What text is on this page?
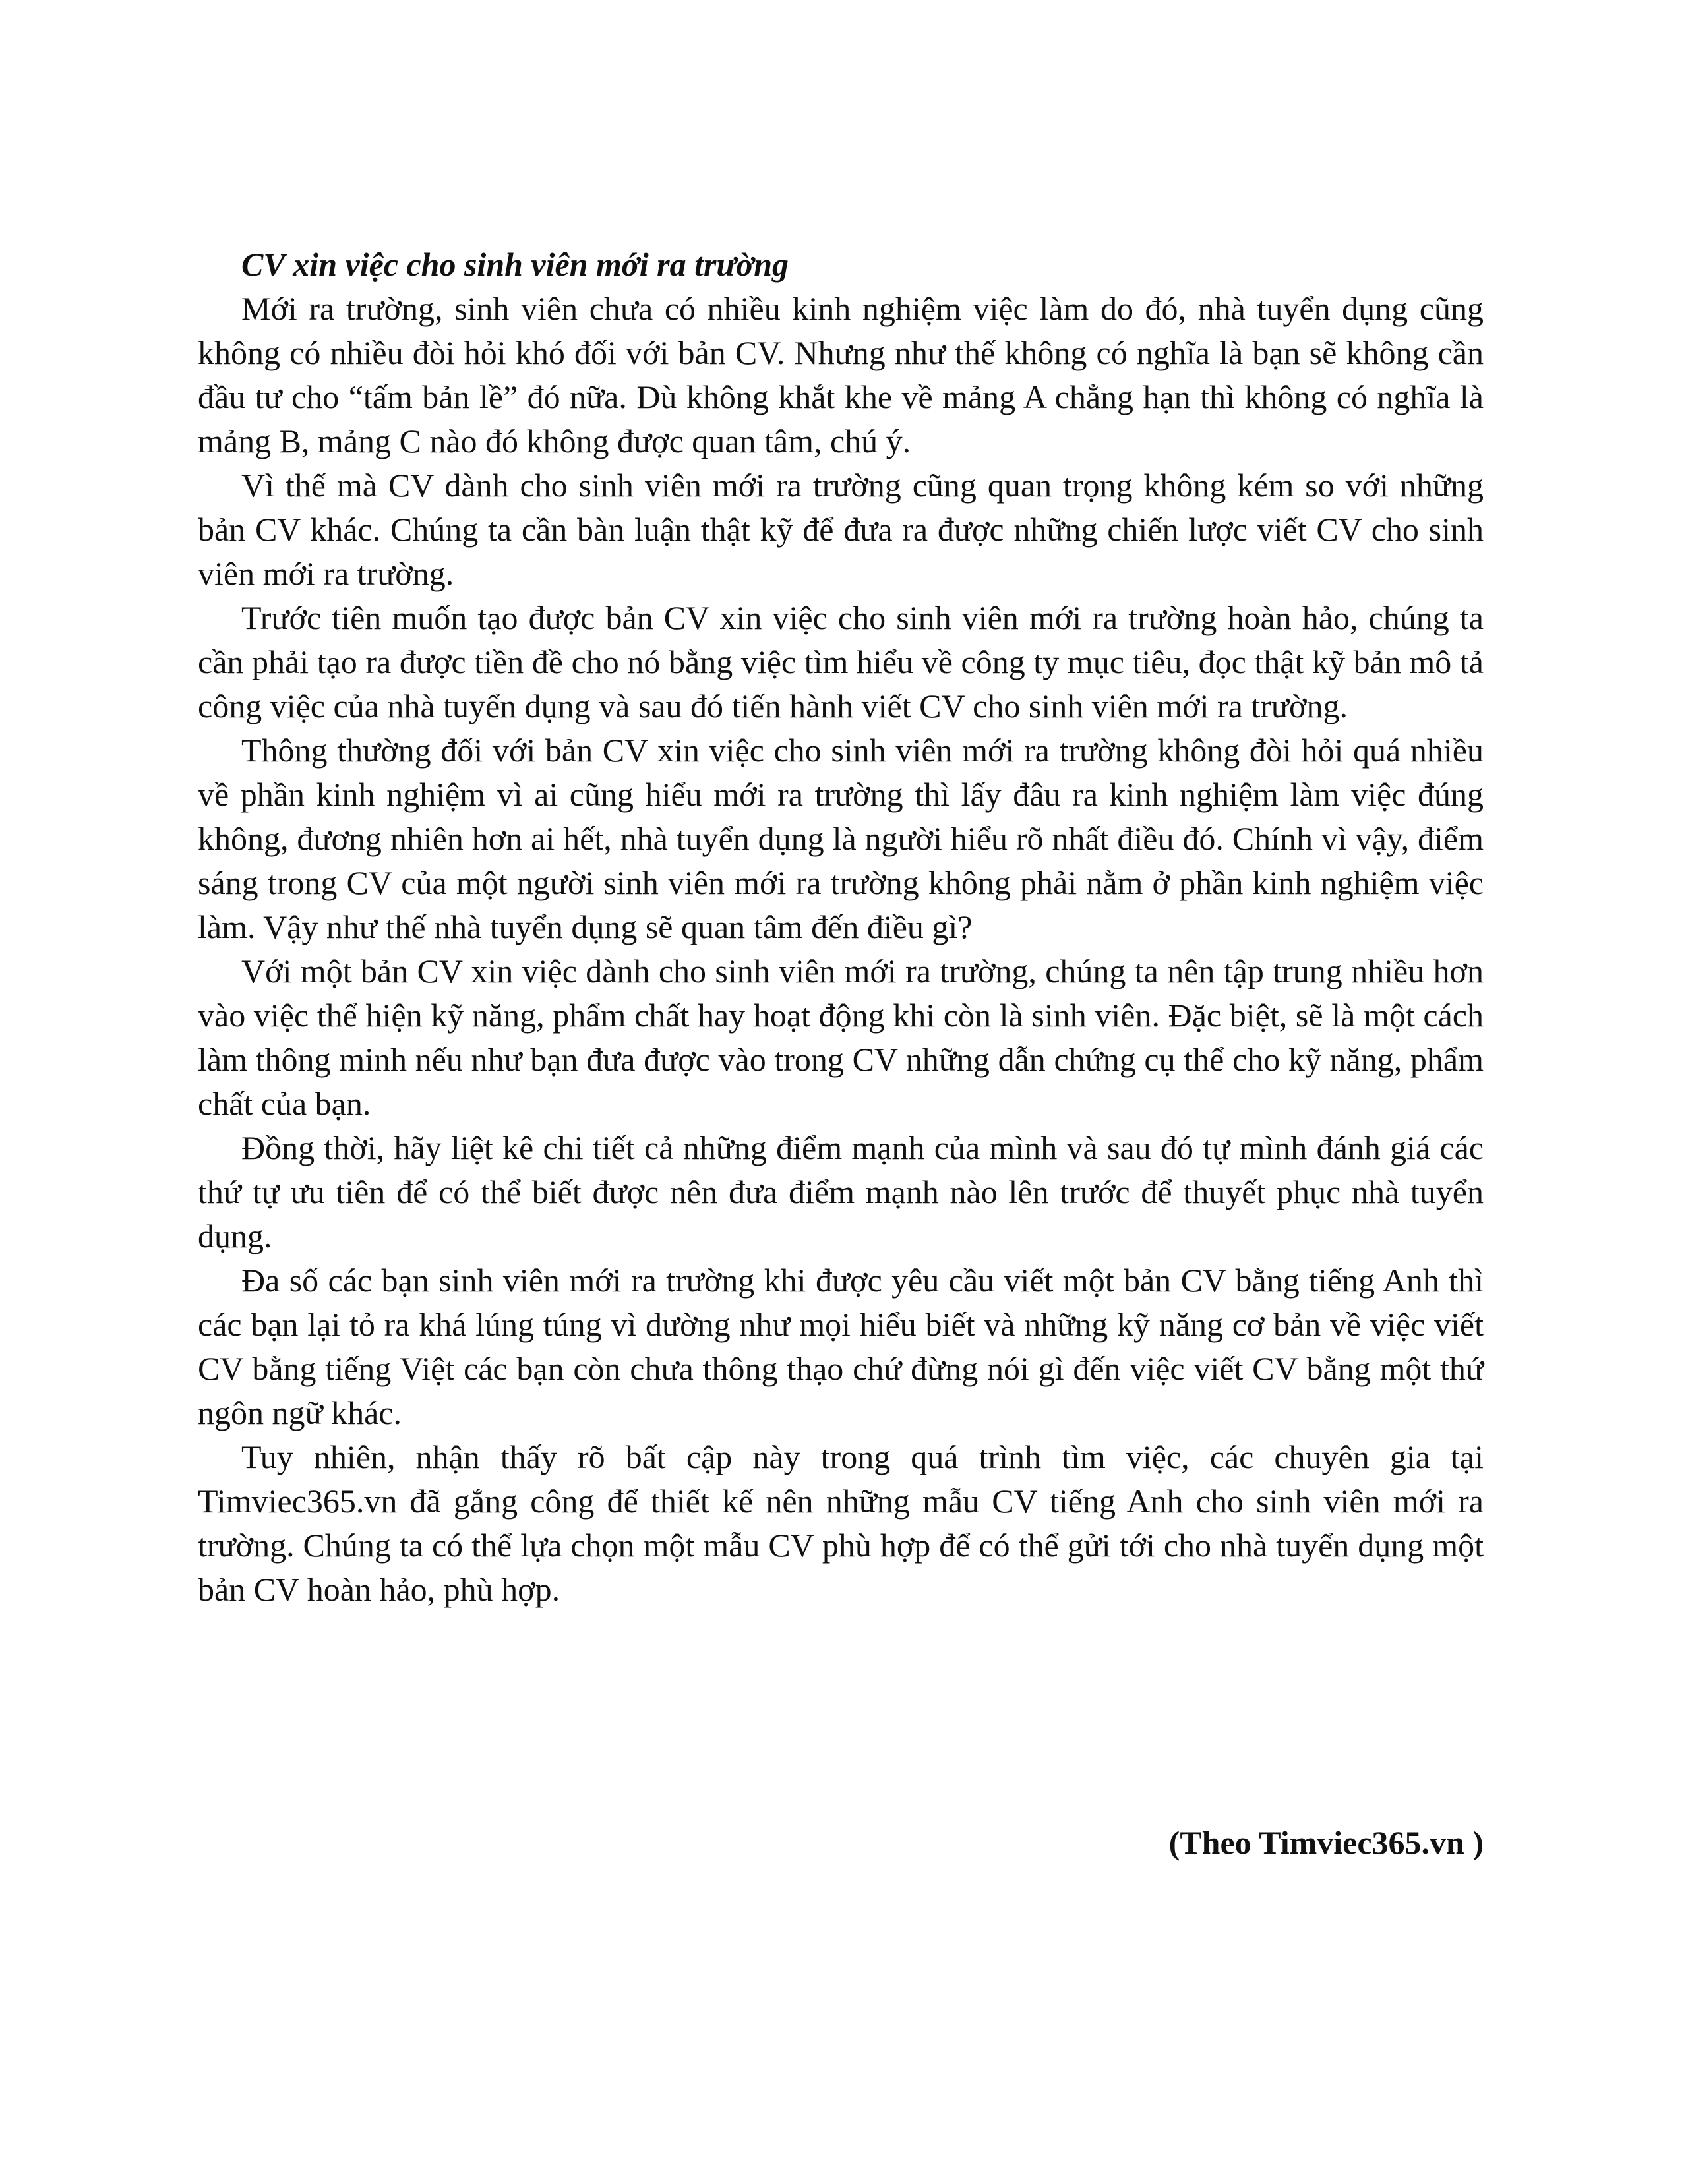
CV xin việc cho sinh viên mới ra trường

Mới ra trường, sinh viên chưa có nhiều kinh nghiệm việc làm do đó, nhà tuyển dụng cũng không có nhiều đòi hỏi khó đối với bản CV. Nhưng như thế không có nghĩa là bạn sẽ không cần đầu tư cho “tấm bản lề” đó nữa. Dù không khắt khe về mảng A chẳng hạn thì không có nghĩa là mảng B, mảng C nào đó không được quan tâm, chú ý.

Vì thế mà CV dành cho sinh viên mới ra trường cũng quan trọng không kém so với những bản CV khác. Chúng ta cần bàn luận thật kỹ để đưa ra được những chiến lược viết CV cho sinh viên mới ra trường.

Trước tiên muốn tạo được bản CV xin việc cho sinh viên mới ra trường hoàn hảo, chúng ta cần phải tạo ra được tiền đề cho nó bằng việc tìm hiểu về công ty mục tiêu, đọc thật kỹ bản mô tả công việc của nhà tuyển dụng và sau đó tiến hành viết CV cho sinh viên mới ra trường.

Thông thường đối với bản CV xin việc cho sinh viên mới ra trường không đòi hỏi quá nhiều về phần kinh nghiệm vì ai cũng hiểu mới ra trường thì lấy đâu ra kinh nghiệm làm việc đúng không, đương nhiên hơn ai hết, nhà tuyển dụng là người hiểu rõ nhất điều đó. Chính vì vậy, điểm sáng trong CV của một người sinh viên mới ra trường không phải nằm ở phần kinh nghiệm việc làm. Vậy như thế nhà tuyển dụng sẽ quan tâm đến điều gì?

Với một bản CV xin việc dành cho sinh viên mới ra trường, chúng ta nên tập trung nhiều hơn vào việc thể hiện kỹ năng, phẩm chất hay hoạt động khi còn là sinh viên. Đặc biệt, sẽ là một cách làm thông minh nếu như bạn đưa được vào trong CV những dẫn chứng cụ thể cho kỹ năng, phẩm chất của bạn.

Đồng thời, hãy liệt kê chi tiết cả những điểm mạnh của mình và sau đó tự mình đánh giá các thứ tự ưu tiên để có thể biết được nên đưa điểm mạnh nào lên trước để thuyết phục nhà tuyển dụng.

Đa số các bạn sinh viên mới ra trường khi được yêu cầu viết một bản CV bằng tiếng Anh thì các bạn lại tỏ ra khá lúng túng vì dường như mọi hiểu biết và những kỹ năng cơ bản về việc viết CV bằng tiếng Việt các bạn còn chưa thông thạo chứ đừng nói gì đến việc viết CV bằng một thứ ngôn ngữ khác.

Tuy nhiên, nhận thấy rõ bất cập này trong quá trình tìm việc, các chuyên gia tại Timviec365.vn đã gắng công để thiết kế nên những mẫu CV tiếng Anh cho sinh viên mới ra trường. Chúng ta có thể lựa chọn một mẫu CV phù hợp để có thể gửi tới cho nhà tuyển dụng một bản CV hoàn hảo, phù hợp.

(Theo Timviec365.vn )
